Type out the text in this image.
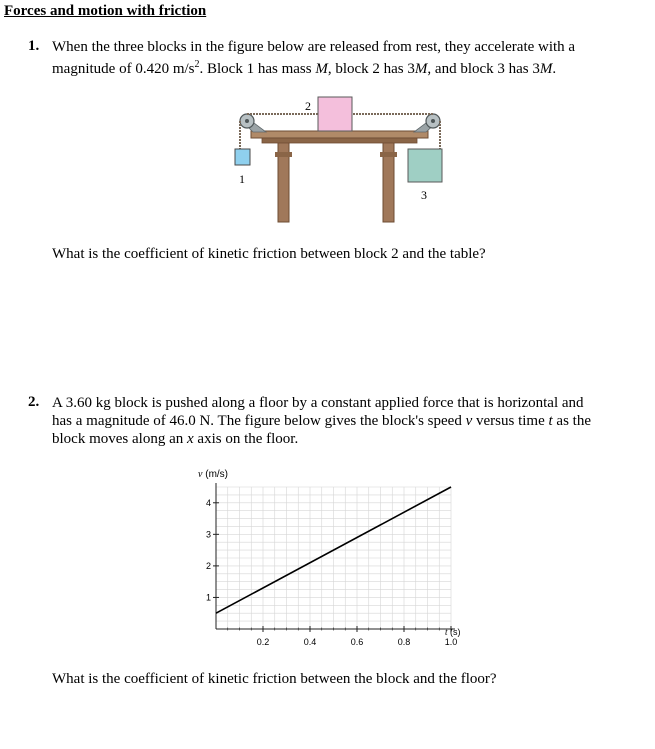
Forces and motion with friction
1. When the three blocks in the figure below are released from rest, they accelerate with a
magnitude of 0.420 $m/s^2$. Block 1 has mass M, block 2 has 3M, and block 3 has 3M.
2
1
3
What is the coefficient of kinetic friction between block 2 and the table?
2. A 3.60 kg block is pushed along a floor by a constant applied force that is horizontal and
has a magnitude of 46.0 N. The figure below gives the block's speed v versus time t as the
block moves along an x axis on the floor.
v (m/s)
0.2	0.4	0.6	0.8	1.0
1
2
3
4
t (s)
What is the coefficient of kinetic friction between the block and the floor?
